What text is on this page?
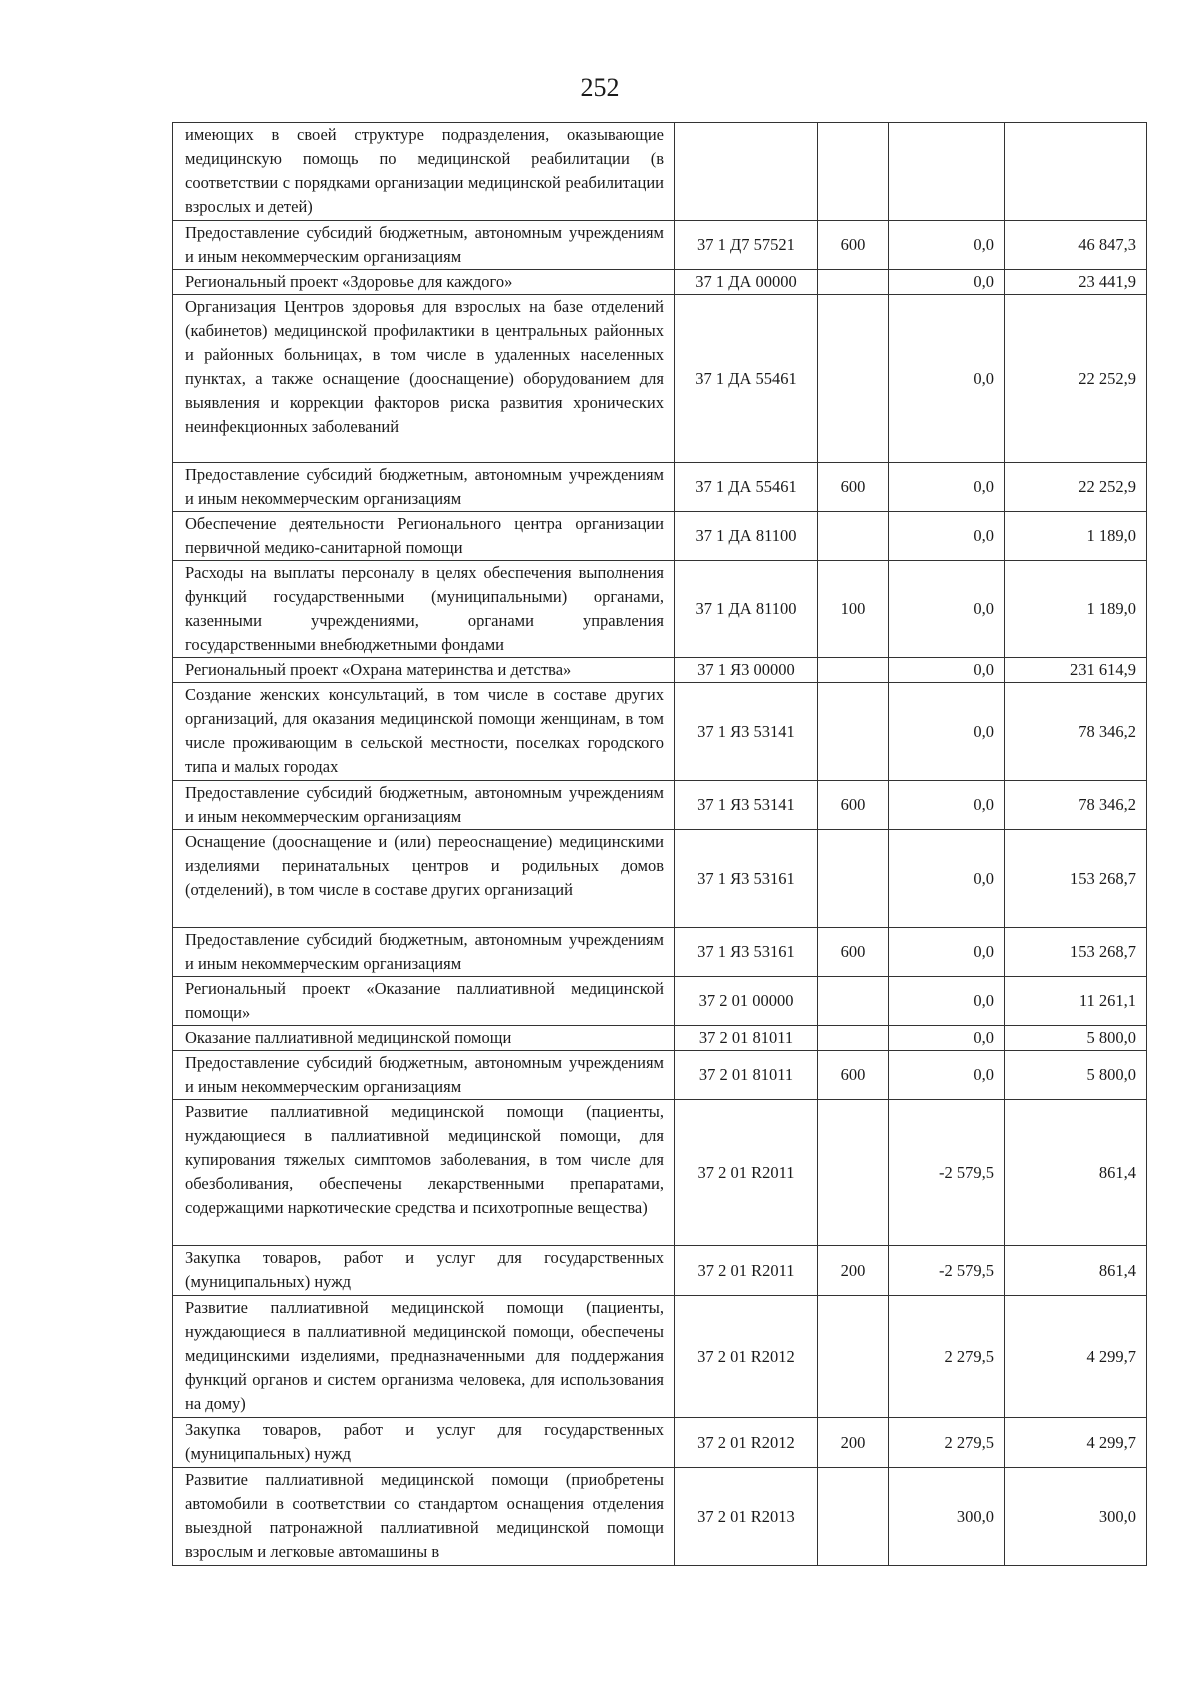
252
имеющих в своей структуре подразделения, оказывающие медицинскую помощь по медицинской реабилитации (в соответствии с порядками организации медицинской реабилитации взрослых и детей)				
Предоставление субсидий бюджетным, автономным учреждениям и иным некоммерческим организациям	37 1 Д7 57521	600	0,0	46 847,3
Региональный проект «Здоровье для каждого»	37 1 ДА 00000		0,0	23 441,9
Организация Центров здоровья для взрослых на базе отделений (кабинетов) медицинской профилактики в центральных районных и районных больницах, в том числе в удаленных населенных пунктах, а также оснащение (дооснащение) оборудованием для выявления и коррекции факторов риска развития хронических неинфекционных заболеваний	37 1 ДА 55461		0,0	22 252,9
Предоставление субсидий бюджетным, автономным учреждениям и иным некоммерческим организациям	37 1 ДА 55461	600	0,0	22 252,9
Обеспечение деятельности Регионального центра организации первичной медико-санитарной помощи	37 1 ДА 81100		0,0	1 189,0
Расходы на выплаты персоналу в целях обеспечения выполнения функций государственными (муниципальными) органами, казенными учреждениями, органами управления государственными внебюджетными фондами	37 1 ДА 81100	100	0,0	1 189,0
Региональный проект «Охрана материнства и детства»	37 1 Я3 00000		0,0	231 614,9
Создание женских консультаций, в том числе в составе других организаций, для оказания медицинской помощи женщинам, в том числе проживающим в сельской местности, поселках городского типа и малых городах	37 1 Я3 53141		0,0	78 346,2
Предоставление субсидий бюджетным, автономным учреждениям и иным некоммерческим организациям	37 1 Я3 53141	600	0,0	78 346,2
Оснащение (дооснащение и (или) переоснащение) медицинскими изделиями перинатальных центров и родильных домов (отделений), в том числе в составе других организаций	37 1 Я3 53161		0,0	153 268,7
Предоставление субсидий бюджетным, автономным учреждениям и иным некоммерческим организациям	37 1 Я3 53161	600	0,0	153 268,7
Региональный проект «Оказание паллиативной медицинской помощи»	37 2 01 00000		0,0	11 261,1
Оказание паллиативной медицинской помощи	37 2 01 81011		0,0	5 800,0
Предоставление субсидий бюджетным, автономным учреждениям и иным некоммерческим организациям	37 2 01 81011	600	0,0	5 800,0
Развитие паллиативной медицинской помощи (пациенты, нуждающиеся в паллиативной медицинской помощи, для купирования тяжелых симптомов заболевания, в том числе для обезболивания, обеспечены лекарственными препаратами, содержащими наркотические средства и психотропные вещества)	37 2 01 R2011		-2 579,5	861,4
Закупка товаров, работ и услуг для государственных (муниципальных) нужд	37 2 01 R2011	200	-2 579,5	861,4
Развитие паллиативной медицинской помощи (пациенты, нуждающиеся в паллиативной медицинской помощи, обеспечены медицинскими изделиями, предназначенными для поддержания функций органов и систем организма человека, для использования на дому)	37 2 01 R2012		2 279,5	4 299,7
Закупка товаров, работ и услуг для государственных (муниципальных) нужд	37 2 01 R2012	200	2 279,5	4 299,7
Развитие паллиативной медицинской помощи (приобретены автомобили в соответствии со стандартом оснащения отделения выездной патронажной паллиативной медицинской помощи взрослым и легковые автомашины в	37 2 01 R2013		300,0	300,0
